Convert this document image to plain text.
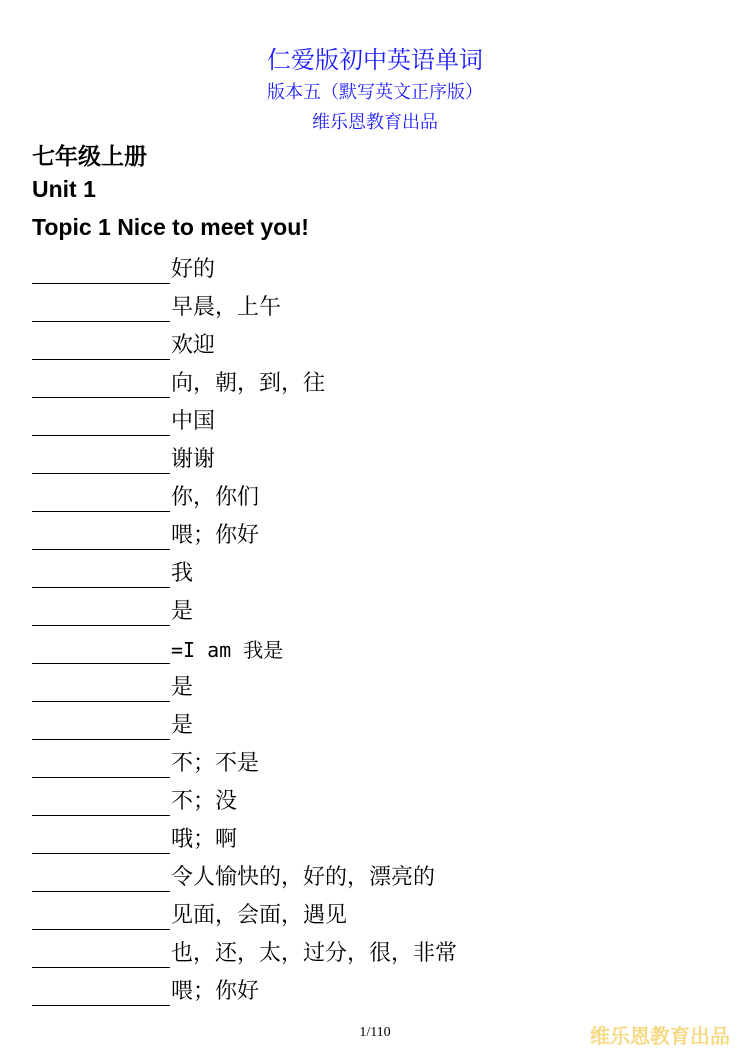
仁爱版初中英语单词
版本五（默写英文正序版）
维乐恩教育出品
七年级上册
Unit 1
Topic 1 Nice to meet you!
好的
早晨，上午
欢迎
向，朝，到，往
中国
谢谢
你，你们
喂；你好
我
是
=I am 我是
是
是
不；不是
不；没
哦；啊
令人愉快的，好的，漂亮的
见面，会面，遇见
也，还，太，过分，很，非常
喂；你好
1/110	维乐恩教育出品
